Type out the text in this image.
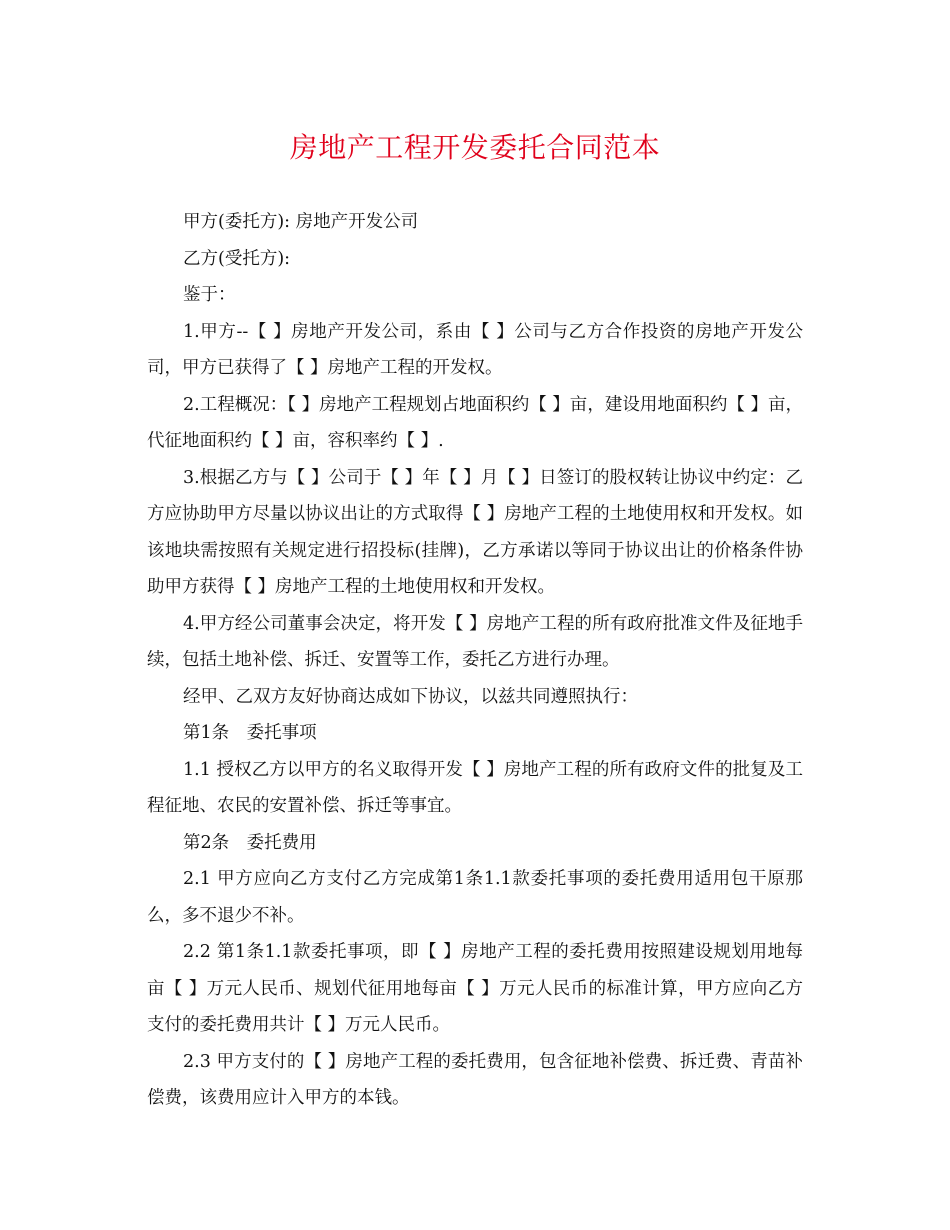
房地产工程开发委托合同范本

甲方(委托方): 房地产开发公司

乙方(受托方):

鉴于：

1.甲方--【 】房地产开发公司，系由【 】公司与乙方合作投资的房地产开发公司，甲方已获得了【 】房地产工程的开发权。

2.工程概况：【 】房地产工程规划占地面积约【 】亩，建设用地面积约【 】亩，代征地面积约【 】亩，容积率约【 】.

3.根据乙方与【 】公司于【 】年【 】月【 】日签订的股权转让协议中约定：乙方应协助甲方尽量以协议出让的方式取得【 】房地产工程的土地使用权和开发权。如该地块需按照有关规定进行招投标(挂牌)，乙方承诺以等同于协议出让的价格条件协助甲方获得【 】房地产工程的土地使用权和开发权。

4.甲方经公司董事会决定，将开发【 】房地产工程的所有政府批准文件及征地手续，包括土地补偿、拆迁、安置等工作，委托乙方进行办理。

经甲、乙双方友好协商达成如下协议，以兹共同遵照执行：

第1条　委托事项

1.1 授权乙方以甲方的名义取得开发【 】房地产工程的所有政府文件的批复及工程征地、农民的安置补偿、拆迁等事宜。

第2条　委托费用

2.1 甲方应向乙方支付乙方完成第1条1.1款委托事项的委托费用适用包干原那么，多不退少不补。

2.2 第1条1.1款委托事项，即【 】房地产工程的委托费用按照建设规划用地每亩【 】万元人民币、规划代征用地每亩【 】万元人民币的标准计算，甲方应向乙方支付的委托费用共计【 】万元人民币。

2.3 甲方支付的【 】房地产工程的委托费用，包含征地补偿费、拆迁费、青苗补偿费，该费用应计入甲方的本钱。
